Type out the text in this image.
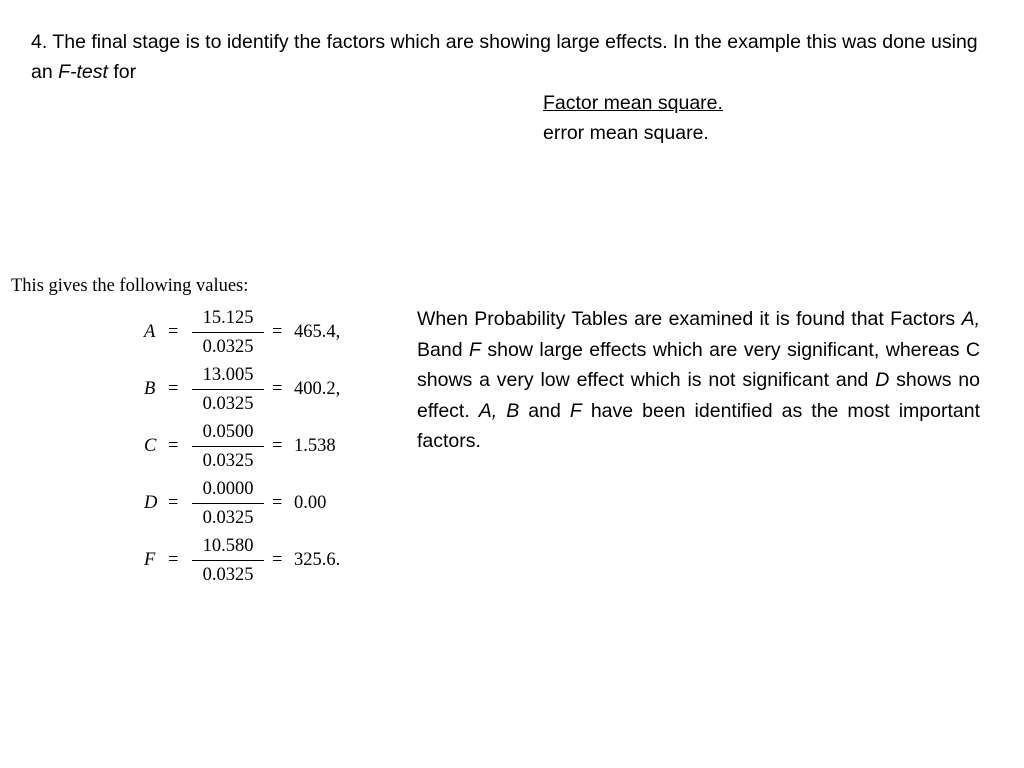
4. The final stage is to identify the factors which are showing large effects. In the example this was done using an F-test for

Factor mean square.
error mean square.

This gives the following values:

A =
15.125
0.0325
= 465.4,
B =
13.005
0.0325
= 400.2,
C =
0.0500
0.0325
= 1.538
D =
0.0000
0.0325
= 0.00
F =
10.580
0.0325
= 325.6.

When Probability Tables are examined it is found that Factors A, Band F show large effects which are very significant, whereas C shows a very low effect which is not significant and D shows no effect. A, B and F have been identified as the most important factors.
